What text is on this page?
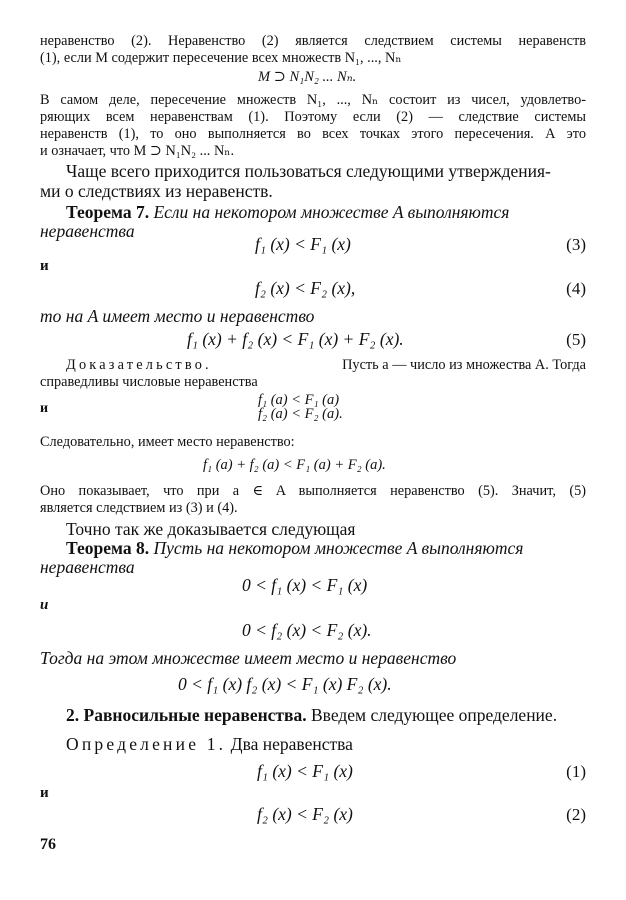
неравенство (2). Неравенство (2) является следствием системы неравенств
(1), если M содержит пересечение всех множеств N₁, ..., Nₙ
M ⊃ N₁N₂ ... Nₙ.
В самом деле, пересечение множеств N₁, ..., Nₙ состоит из чисел, удовлетво-
ряющих всем неравенствам (1). Поэтому если (2) — следствие системы
неравенств (1), то оно выполняется во всех точках этого пересечения. А это
и означает, что M ⊃ N₁N₂ ... Nₙ.
Чаще всего приходится пользоваться следующими утверждения-
ми о следствиях из неравенств.
Теорема 7. Если на некотором множестве A выполняются
неравенства
f₁ (x) < F₁ (x)	(3)
и
f₂ (x) < F₂ (x),	(4)
то на A имеет место и неравенство
f₁ (x) + f₂ (x) < F₁ (x) + F₂ (x).	(5)
Доказательство.	Пусть a — число из множества A. Тогда
справедливы числовые неравенства
и
f₁ (a) < F₁ (a)
f₂ (a) < F₂ (a).
Следовательно, имеет место неравенство:
f₁ (a) + f₂ (a) < F₁ (a) + F₂ (a).
Оно показывает, что при a ∈ A выполняется неравенство (5). Значит, (5)
является следствием из (3) и (4).
Точно так же доказывается следующая
Теорема 8. Пусть на некотором множестве A выполняются
неравенства
0 < f₁ (x) < F₁ (x)
и
0 < f₂ (x) < F₂ (x).
Тогда на этом множестве имеет место и неравенство
0 < f₁ (x) f₂ (x) < F₁ (x) F₂ (x).
2. Равносильные неравенства. Введем следующее определение.
Определение 1. Два неравенства
f₁ (x) < F₁ (x)	(1)
и
f₂ (x) < F₂ (x)	(2)
76
